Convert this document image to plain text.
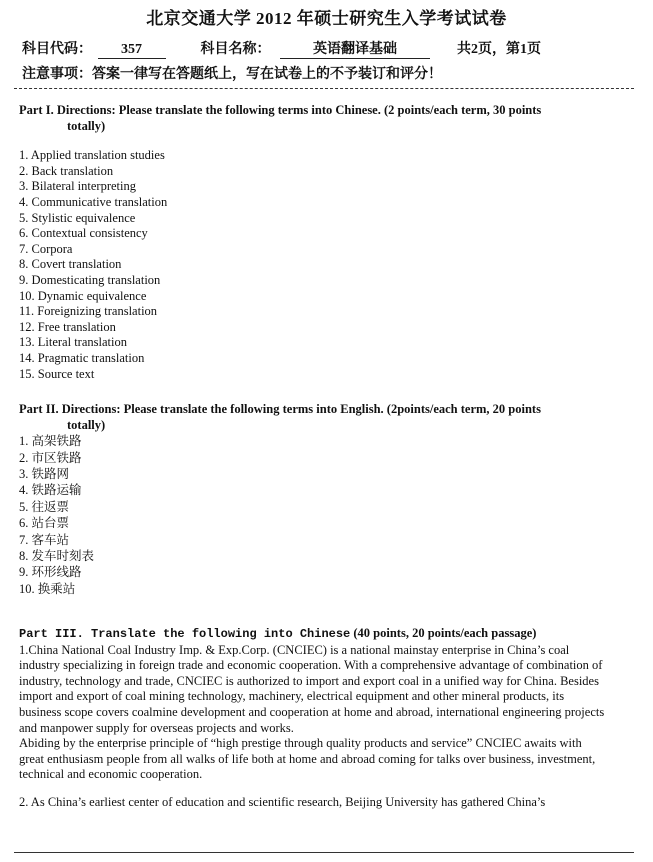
北京交通大学 2012 年硕士研究生入学考试试卷
科目代码： 357	科目名称：	英语翻译基础	共2页，第1页
注意事项：答案一律写在答题纸上，写在试卷上的不予装订和评分！
Part I. Directions: Please translate the following terms into Chinese. (2 points/each term, 30 points
totally)
1. Applied translation studies
2. Back translation
3. Bilateral interpreting
4. Communicative translation
5. Stylistic equivalence
6. Contextual consistency
7. Corpora
8. Covert translation
9. Domesticating translation
10. Dynamic equivalence
11. Foreignizing translation
12. Free translation
13. Literal translation
14. Pragmatic translation
15. Source text
Part II. Directions: Please translate the following terms into English. (2points/each term, 20 points
totally)
1. 高架铁路
2. 市区铁路
3. 铁路网
4. 铁路运输
5. 往返票
6. 站台票
7. 客车站
8. 发车时刻表
9. 环形线路
10. 换乘站
Part III. Translate the following into Chinese (40 points, 20 points/each passage)

1.China National Coal Industry Imp. & Exp.Corp. (CNCIEC) is a national mainstay enterprise in China’s coal industry specializing in foreign trade and economic cooperation. With a comprehensive advantage of combination of industry, technology and trade, CNCIEC is authorized to import and export coal in a unified way for China. Besides import and export of coal mining technology, machinery, electrical equipment and other mineral products, its business scope covers coalmine development and cooperation at home and abroad, international engineering projects and manpower supply for overseas projects and works.

Abiding by the enterprise principle of “high prestige through quality products and service” CNCIEC awaits with great enthusiasm people from all walks of life both at home and abroad coming for talks over business, investment, technical and economic cooperation.

2. As China’s earliest center of education and scientific research, Beijing University has gathered China’s
